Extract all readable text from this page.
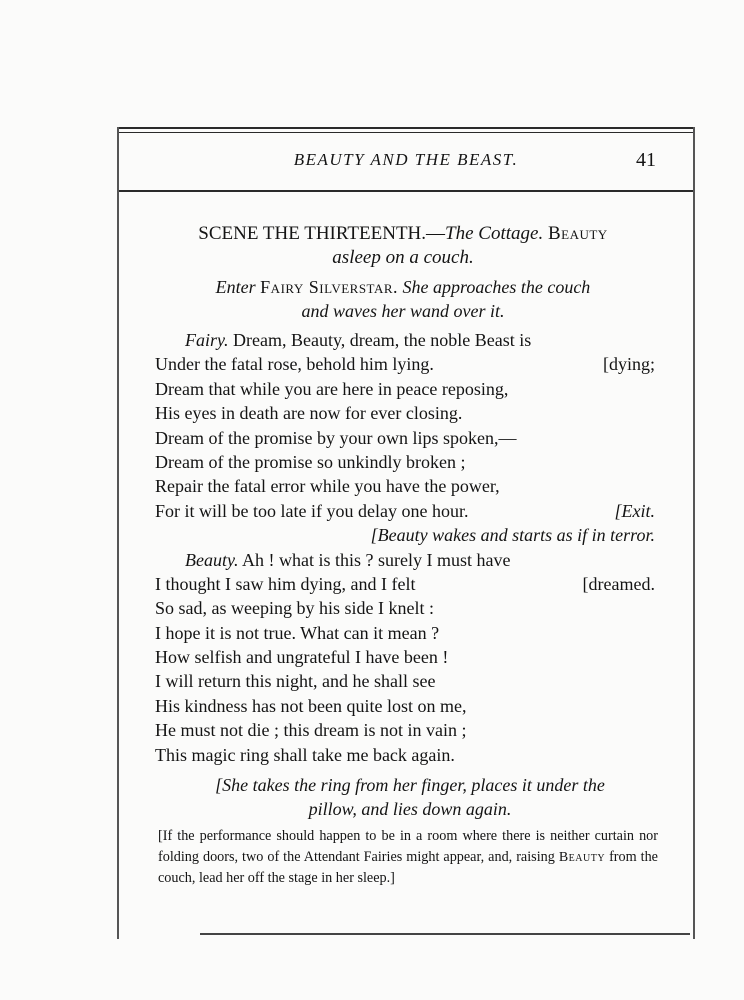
BEAUTY AND THE BEAST.	41
SCENE THE THIRTEENTH.—The Cottage. Beauty
asleep on a couch.
Enter Fairy Silverstar. She approaches the couch
and waves her wand over it.
Fairy. Dream, Beauty, dream, the noble Beast is
Under the fatal rose, behold him lying.	[dying;
Dream that while you are here in peace reposing,
His eyes in death are now for ever closing.
Dream of the promise by your own lips spoken,—
Dream of the promise so unkindly broken ;
Repair the fatal error while you have the power,
For it will be too late if you delay one hour.	[Exit.
[Beauty wakes and starts as if in terror.
Beauty. Ah ! what is this ? surely I must have
I thought I saw him dying, and I felt	[dreamed.
So sad, as weeping by his side I knelt :
I hope it is not true. What can it mean ?
How selfish and ungrateful I have been !
I will return this night, and he shall see
His kindness has not been quite lost on me,
He must not die ; this dream is not in vain ;
This magic ring shall take me back again.
[She takes the ring from her finger, places it under the
pillow, and lies down again.
[If the performance should happen to be in a room where there is neither curtain nor folding doors, two of the Attendant Fairies might appear, and, raising Beauty from the couch, lead her off the stage in her sleep.]
